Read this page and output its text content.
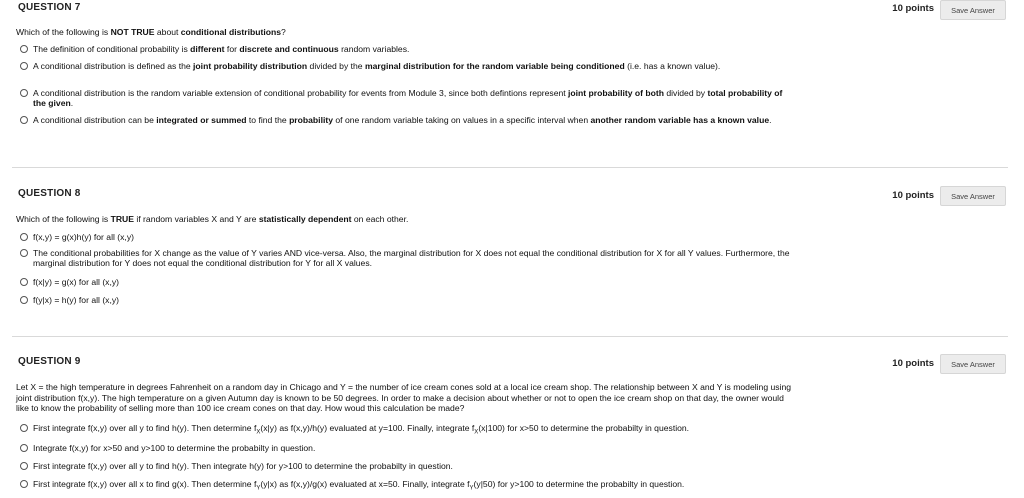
QUESTION 7	10 points	Save Answer
Which of the following is NOT TRUE about conditional distributions?
The definition of conditional probability is different for discrete and continuous random variables.
A conditional distribution is defined as the joint probability distribution divided by the marginal distribution for the random variable being conditioned (i.e. has a known value).
A conditional distribution is the random variable extension of conditional probability for events from Module 3, since both defintions represent joint probability of both divided by total probability of the given.
A conditional distribution can be integrated or summed to find the probability of one random variable taking on values in a specific interval when another random variable has a known value.
QUESTION 8	10 points	Save Answer
Which of the following is TRUE if random variables X and Y are statistically dependent on each other.
f(x,y) = g(x)h(y) for all (x,y)
The conditional probabilities for X change as the value of Y varies AND vice-versa. Also, the marginal distribution for X does not equal the conditional distribution for X for all Y values. Furthermore, the marginal distribution for Y does not equal the conditional distribution for Y for all X values.
f(x|y) = g(x) for all (x,y)
f(y|x) = h(y) for all (x,y)
QUESTION 9	10 points	Save Answer
Let X = the high temperature in degrees Fahrenheit on a random day in Chicago and Y = the number of ice cream cones sold at a local ice cream shop. The relationship between X and Y is modeling using joint distribution f(x,y). The high temperature on a given Autumn day is known to be 50 degrees. In order to make a decision about whether or not to open the ice cream shop on that day, the owner would like to know the probability of selling more than 100 ice cream cones on that day. How woud this calculation be made?
First integrate f(x,y) over all y to find h(y). Then determine $f_X(x|y)$ as f(x,y)/h(y) evaluated at y=100. Finally, integrate $f_X(x|100)$ for x>50 to determine the probabilty in question.
Integrate f(x,y) for x>50 and y>100 to determine the probabilty in question.
First integrate f(x,y) over all y to find h(y). Then integrate h(y) for y>100 to determine the probabilty in question.
First integrate f(x,y) over all x to find g(x). Then determine $f_Y(y|x)$ as f(x,y)/g(x) evaluated at x=50. Finally, integrate $f_Y(y|50)$ for y>100 to determine the probabilty in question.
